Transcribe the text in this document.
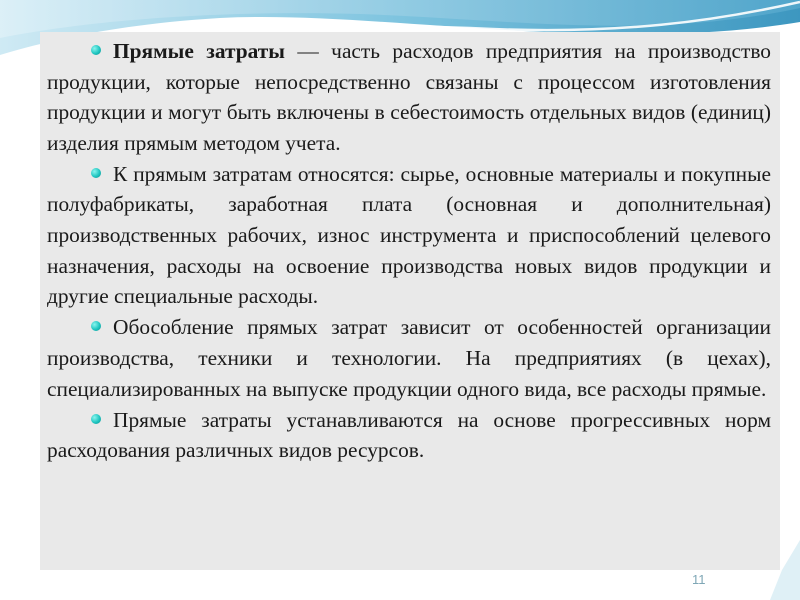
Прямые затраты — часть расходов предприятия на производство продукции, которые непосредственно связаны с процессом изготовления продукции и могут быть включены в себестоимость отдельных видов (единиц) изделия прямым методом учета.

К прямым затратам относятся: сырье, основные материалы и покупные полуфабрикаты, заработная плата (основная и дополнительная) производственных рабочих, износ инструмента и приспособлений целевого назначения, расходы на освоение производства новых видов продукции и другие специальные расходы.

Обособление прямых затрат зависит от особенностей организации производства, техники и технологии. На предприятиях (в цехах), специализированных на выпуске продукции одного вида, все расходы прямые.

Прямые затраты устанавливаются на основе прогрессивных норм расходования различных видов ресурсов.

11
